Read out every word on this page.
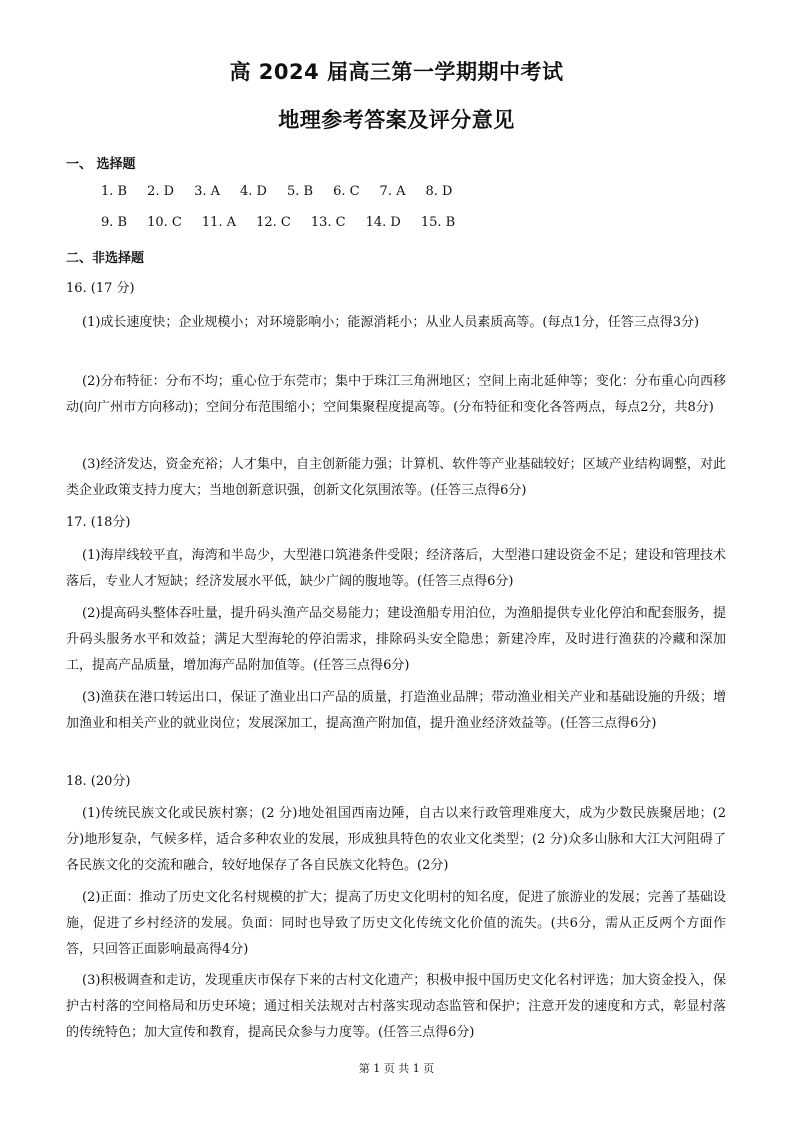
高 2024 届高三第一学期期中考试
地理参考答案及评分意见
一、 选择题
1. B 2. D 3. A 4. D 5. B 6. C 7. A 8. D
9. B 10. C 11. A 12. C 13. C 14. D 15. B
二、非选择题
16. (17 分)
(1)成长速度快；企业规模小；对环境影响小；能源消耗小；从业人员素质高等。(每点1分，任答三点得3分)
(2)分布特征：分布不均；重心位于东莞市；集中于珠江三角洲地区；空间上南北延伸等；变化：分布重心向西移动(向广州市方向移动)；空间分布范围缩小；空间集聚程度提高等。(分布特征和变化各答两点，每点2分，共8分)
(3)经济发达，资金充裕；人才集中，自主创新能力强；计算机、软件等产业基础较好；区域产业结构调整，对此类企业政策支持力度大；当地创新意识强，创新文化氛围浓等。(任答三点得6分)
17. (18分)
(1)海岸线较平直，海湾和半岛少，大型港口筑港条件受限；经济落后，大型港口建设资金不足；建设和管理技术落后，专业人才短缺；经济发展水平低，缺少广阔的腹地等。(任答三点得6分)
(2)提高码头整体吞吐量，提升码头渔产品交易能力；建设渔船专用泊位，为渔船提供专业化停泊和配套服务，提升码头服务水平和效益；满足大型海轮的停泊需求，排除码头安全隐患；新建冷库，及时进行渔获的冷藏和深加工，提高产品质量，增加海产品附加值等。(任答三点得6分)
(3)渔获在港口转运出口，保证了渔业出口产品的质量，打造渔业品牌；带动渔业相关产业和基础设施的升级；增加渔业和相关产业的就业岗位；发展深加工，提高渔产附加值，提升渔业经济效益等。(任答三点得6分)
18. (20分)
(1)传统民族文化或民族村寨；(2 分)地处祖国西南边陲，自古以来行政管理难度大，成为少数民族聚居地；(2 分)地形复杂，气候多样，适合多种农业的发展，形成独具特色的农业文化类型；(2 分)众多山脉和大江大河阻碍了各民族文化的交流和融合，较好地保存了各自民族文化特色。(2分)
(2)正面：推动了历史文化名村规模的扩大；提高了历史文化明村的知名度，促进了旅游业的发展；完善了基础设施，促进了乡村经济的发展。负面：同时也导致了历史文化传统文化价值的流失。(共6分，需从正反两个方面作答，只回答正面影响最高得4分)
(3)积极调查和走访，发现重庆市保存下来的古村文化遗产；积极申报中国历史文化名村评选；加大资金投入，保护古村落的空间格局和历史环境；通过相关法规对古村落实现动态监管和保护；注意开发的速度和方式，彰显村落的传统特色；加大宣传和教育，提高民众参与力度等。(任答三点得6分)
第 1 页 共 1 页
